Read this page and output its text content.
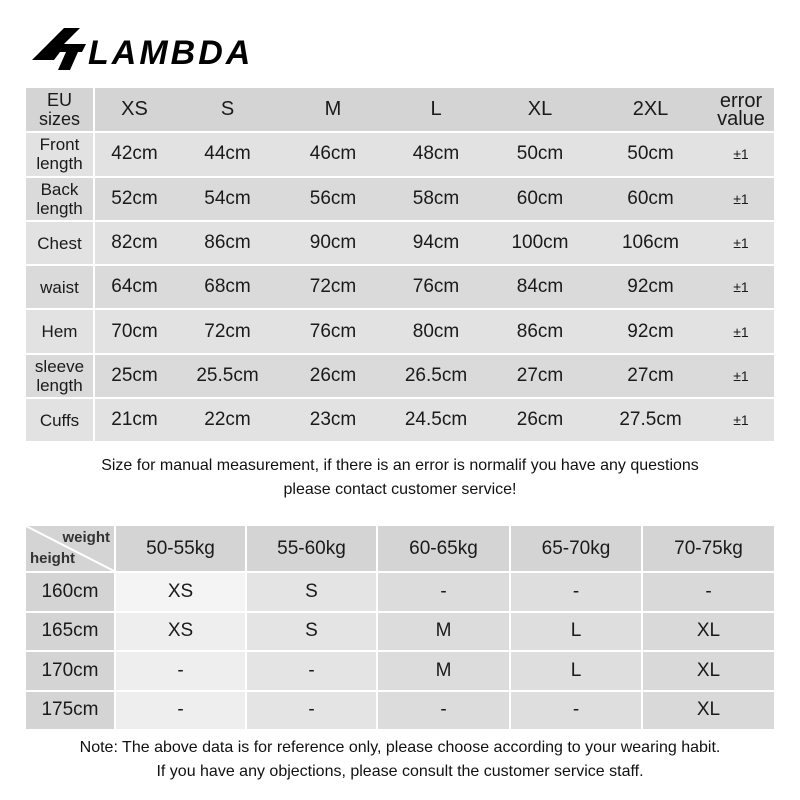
LAMBDA
EU sizes	XS	S	M	L	XL	2XL	error value
Front length	42cm	44cm	46cm	48cm	50cm	50cm	±1
Back length	52cm	54cm	56cm	58cm	60cm	60cm	±1
Chest	82cm	86cm	90cm	94cm	100cm	106cm	±1
waist	64cm	68cm	72cm	76cm	84cm	92cm	±1
Hem	70cm	72cm	76cm	80cm	86cm	92cm	±1
sleeve length	25cm	25.5cm	26cm	26.5cm	27cm	27cm	±1
Cuffs	21cm	22cm	23cm	24.5cm	26cm	27.5cm	±1
Size for manual measurement, if there is an error is normalif you have any questions
please contact customer service!
weight
height	50-55kg	55-60kg	60-65kg	65-70kg	70-75kg
160cm	XS	S	-	-	-
165cm	XS	S	M	L	XL
170cm	-	-	M	L	XL
175cm	-	-	-	-	XL
Note: The above data is for reference only, please choose according to your wearing habit.
If you have any objections, please consult the customer service staff.
